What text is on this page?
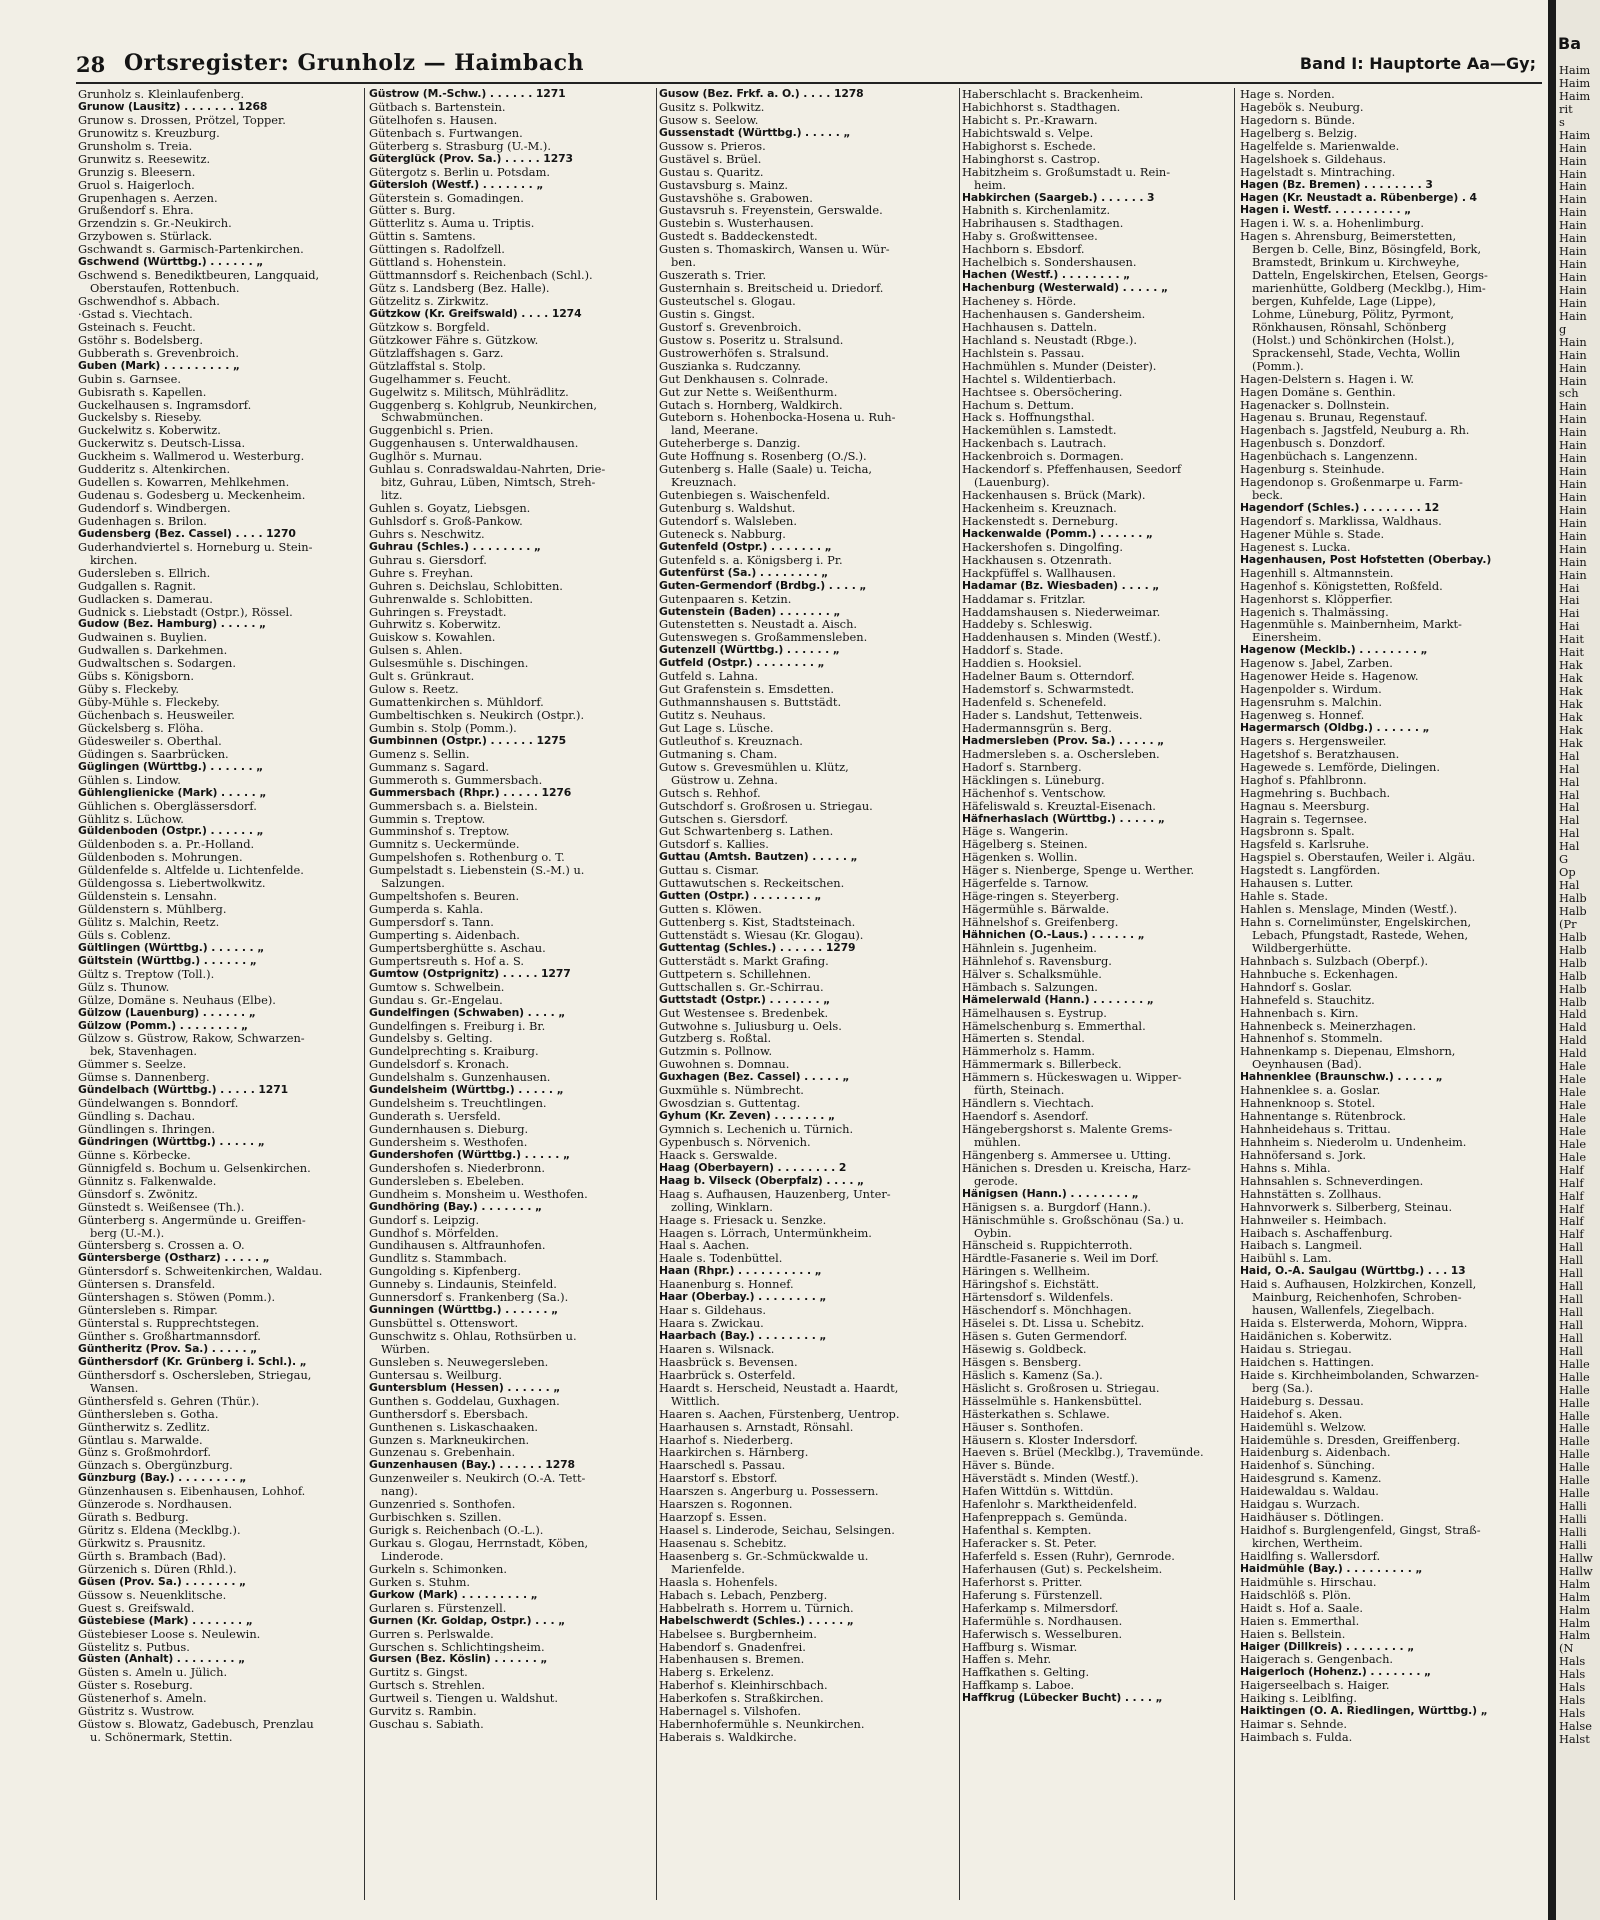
28 Ortsregister: Grunholz — Haimbach	Band I: Hauptorte Aa—Gy;
Grunholz s. Kleinlaufenberg.
Grunow (Lausitz) . . . . . . . 1268
Grunow s. Drossen, Prötzel, Topper.
Grunowitz s. Kreuzburg.
Grunsholm s. Treia.
Grunwitz s. Reesewitz.
Grunzig s. Bleesern.
Gruol s. Haigerloch.
Grupenhagen s. Aerzen.
Grußendorf s. Ehra.
Grzendzin s. Gr.-Neukirch.
Grzybowen s. Stürlack.
Gschwandt s. Garmisch-Partenkirchen.
Gschwend (Württbg.) . . . . . . „
Gschwend s. Benediktbeuren, Langquaid,
Oberstaufen, Rottenbuch.
Gschwendhof s. Abbach.
·Gstad s. Viechtach.
Gsteinach s. Feucht.
Gstöhr s. Bodelsberg.
Gubberath s. Grevenbroich.
Guben (Mark) . . . . . . . . . „
Gubin s. Garnsee.
Gubisrath s. Kapellen.
Guckelhausen s. Ingramsdorf.
Guckelsby s. Rieseby.
Guckelwitz s. Koberwitz.
Guckerwitz s. Deutsch-Lissa.
Guckheim s. Wallmerod u. Westerburg.
Gudderitz s. Altenkirchen.
Gudellen s. Kowarren, Mehlkehmen.
Gudenau s. Godesberg u. Meckenheim.
Gudendorf s. Windbergen.
Gudenhagen s. Brilon.
Gudensberg (Bez. Cassel) . . . . 1270
Guderhandviertel s. Horneburg u. Stein-
kirchen.
Gudersleben s. Ellrich.
Gudgallen s. Ragnit.
Gudlacken s. Damerau.
Gudnick s. Liebstadt (Ostpr.), Rössel.
Gudow (Bez. Hamburg) . . . . . „
Gudwainen s. Buylien.
Gudwallen s. Darkehmen.
Gudwaltschen s. Sodargen.
Gübs s. Königsborn.
Güby s. Fleckeby.
Güby-Mühle s. Fleckeby.
Güchenbach s. Heusweiler.
Gückelsberg s. Flöha.
Güdesweiler s. Oberthal.
Güdingen s. Saarbrücken.
Güglingen (Württbg.) . . . . . . „
Gühlen s. Lindow.
Gühlenglienicke (Mark) . . . . . „
Gühlichen s. Oberglässersdorf.
Gühlitz s. Lüchow.
Güldenboden (Ostpr.) . . . . . . „
Güldenboden s. a. Pr.-Holland.
Güldenboden s. Mohrungen.
Güldenfelde s. Altfelde u. Lichtenfelde.
Güldengossa s. Liebertwolkwitz.
Güldenstein s. Lensahn.
Güldenstern s. Mühlberg.
Gülitz s. Malchin, Reetz.
Güls s. Coblenz.
Gültlingen (Württbg.) . . . . . . „
Gültstein (Württbg.) . . . . . . „
Gültz s. Treptow (Toll.).
Gülz s. Thunow.
Gülze, Domäne s. Neuhaus (Elbe).
Gülzow (Lauenburg) . . . . . . „
Gülzow (Pomm.) . . . . . . . . „
Gülzow s. Güstrow, Rakow, Schwarzen-
bek, Stavenhagen.
Gümmer s. Seelze.
Gümse s. Dannenberg.
Gündelbach (Württbg.) . . . . . 1271
Gündelwangen s. Bonndorf.
Gündling s. Dachau.
Gündlingen s. Ihringen.
Gündringen (Württbg.) . . . . . „
Günne s. Körbecke.
Günnigfeld s. Bochum u. Gelsenkirchen.
Günnitz s. Falkenwalde.
Günsdorf s. Zwönitz.
Günstedt s. Weißensee (Th.).
Günterberg s. Angermünde u. Greiffen-
berg (U.-M.).
Güntersberg s. Crossen a. O.
Güntersberge (Ostharz) . . . . . „
Güntersdorf s. Schweitenkirchen, Waldau.
Güntersen s. Dransfeld.
Güntershagen s. Stöwen (Pomm.).
Güntersleben s. Rimpar.
Günterstal s. Rupprechtstegen.
Günther s. Großhartmannsdorf.
Güntheritz (Prov. Sa.) . . . . . „
Günthersdorf (Kr. Grünberg i. Schl.). „
Günthersdorf s. Oschersleben, Striegau,
Wansen.
Günthersfeld s. Gehren (Thür.).
Günthersleben s. Gotha.
Güntherwitz s. Zedlitz.
Güntlau s. Marwalde.
Günz s. Großmohrdorf.
Günzach s. Obergünzburg.
Günzburg (Bay.) . . . . . . . . „
Günzenhausen s. Eibenhausen, Lohhof.
Günzerode s. Nordhausen.
Gürath s. Bedburg.
Güritz s. Eldena (Mecklbg.).
Gürkwitz s. Prausnitz.
Gürth s. Brambach (Bad).
Gürzenich s. Düren (Rhld.).
Güsen (Prov. Sa.) . . . . . . . „
Güssow s. Neuenklitsche.
Guest s. Greifswald.
Güstebiese (Mark) . . . . . . . „
Güstebieser Loose s. Neulewin.
Güstelitz s. Putbus.
Güsten (Anhalt) . . . . . . . . „
Güsten s. Ameln u. Jülich.
Güster s. Roseburg.
Güstenerhof s. Ameln.
Güstritz s. Wustrow.
Güstow s. Blowatz, Gadebusch, Prenzlau
u. Schönermark, Stettin.
Güstrow (M.-Schw.) . . . . . . 1271
Gütbach s. Bartenstein.
Gütelhofen s. Hausen.
Gütenbach s. Furtwangen.
Güterberg s. Strasburg (U.-M.).
Güterglück (Prov. Sa.) . . . . . 1273
Gütergotz s. Berlin u. Potsdam.
Gütersloh (Westf.) . . . . . . . „
Güterstein s. Gomadingen.
Gütter s. Burg.
Gütterlitz s. Auma u. Triptis.
Güttin s. Samtens.
Güttingen s. Radolfzell.
Güttland s. Hohenstein.
Güttmannsdorf s. Reichenbach (Schl.).
Gütz s. Landsberg (Bez. Halle).
Gützelitz s. Zirkwitz.
Gützkow (Kr. Greifswald) . . . . 1274
Gützkow s. Borgfeld.
Gützkower Fähre s. Gützkow.
Gützlaffshagen s. Garz.
Gützlaffstal s. Stolp.
Gugelhammer s. Feucht.
Gugelwitz s. Militsch, Mühlrädlitz.
Guggenberg s. Kohlgrub, Neunkirchen,
Schwabmünchen.
Guggenbichl s. Prien.
Guggenhausen s. Unterwaldhausen.
Guglhör s. Murnau.
Guhlau s. Conradswaldau-Nahrten, Drie-
bitz, Guhrau, Lüben, Nimtsch, Streh-
litz.
Guhlen s. Goyatz, Liebsgen.
Guhlsdorf s. Groß-Pankow.
Guhrs s. Neschwitz.
Guhrau (Schles.) . . . . . . . . „
Guhrau s. Giersdorf.
Guhre s. Freyhan.
Guhren s. Deichslau, Schlobitten.
Guhrenwalde s. Schlobitten.
Guhringen s. Freystadt.
Guhrwitz s. Koberwitz.
Guiskow s. Kowahlen.
Gulsen s. Ahlen.
Gulsesmühle s. Dischingen.
Gult s. Grünkraut.
Gulow s. Reetz.
Gumattenkirchen s. Mühldorf.
Gumbeltischken s. Neukirch (Ostpr.).
Gumbin s. Stolp (Pomm.).
Gumbinnen (Ostpr.) . . . . . . 1275
Gumenz s. Sellin.
Gummanz s. Sagard.
Gummeroth s. Gummersbach.
Gummersbach (Rhpr.) . . . . . 1276
Gummersbach s. a. Bielstein.
Gummin s. Treptow.
Gumminshof s. Treptow.
Gumnitz s. Ueckermünde.
Gumpelshofen s. Rothenburg o. T.
Gumpelstadt s. Liebenstein (S.-M.) u.
Salzungen.
Gumpeltshofen s. Beuren.
Gumperda s. Kahla.
Gumpersdorf s. Tann.
Gumperting s. Aidenbach.
Gumpertsberghütte s. Aschau.
Gumpertsreuth s. Hof a. S.
Gumtow (Ostprignitz) . . . . . 1277
Gumtow s. Schwelbein.
Gundau s. Gr.-Engelau.
Gundelfingen (Schwaben) . . . . „
Gundelfingen s. Freiburg i. Br.
Gundelsby s. Gelting.
Gundelprechting s. Kraiburg.
Gundelsdorf s. Kronach.
Gundelshalm s. Gunzenhausen.
Gundelsheim (Württbg.) . . . . . „
Gundelsheim s. Treuchtlingen.
Gunderath s. Uersfeld.
Gundernhausen s. Dieburg.
Gundersheim s. Westhofen.
Gundershofen (Württbg.) . . . . . „
Gundershofen s. Niederbronn.
Gundersleben s. Ebeleben.
Gundheim s. Monsheim u. Westhofen.
Gundhöring (Bay.) . . . . . . . „
Gundorf s. Leipzig.
Gundhof s. Mörfelden.
Gundihausen s. Altfraunhofen.
Gundlitz s. Stammbach.
Gungolding s. Kipfenberg.
Gunneby s. Lindaunis, Steinfeld.
Gunnersdorf s. Frankenberg (Sa.).
Gunningen (Württbg.) . . . . . . „
Gunsbüttel s. Ottenswort.
Gunschwitz s. Ohlau, Rothsürben u.
Würben.
Gunsleben s. Neuwegersleben.
Guntersau s. Weilburg.
Guntersblum (Hessen) . . . . . . „
Gunthen s. Goddelau, Guxhagen.
Gunthersdorf s. Ebersbach.
Gunthenen s. Liskaschaaken.
Gunzen s. Markneukirchen.
Gunzenau s. Grebenhain.
Gunzenhausen (Bay.) . . . . . . 1278
Gunzenweiler s. Neukirch (O.-A. Tett-
nang).
Gunzenried s. Sonthofen.
Gurbischken s. Szillen.
Gurigk s. Reichenbach (O.-L.).
Gurkau s. Glogau, Herrnstadt, Köben,
Linderode.
Gurkeln s. Schimonken.
Gurken s. Stuhm.
Gurkow (Mark) . . . . . . . . . „
Gurlaren s. Fürstenzell.
Gurnen (Kr. Goldap, Ostpr.) . . . „
Gurren s. Perlswalde.
Gurschen s. Schlichtingsheim.
Gursen (Bez. Köslin) . . . . . . „
Gurtitz s. Gingst.
Gurtsch s. Strehlen.
Gurtweil s. Tiengen u. Waldshut.
Gurvitz s. Rambin.
Guschau s. Sabiath.
Gusow (Bez. Frkf. a. O.) . . . . 1278
Gusitz s. Polkwitz.
Gusow s. Seelow.
Gussenstadt (Württbg.) . . . . . „
Gussow s. Prieros.
Gustävel s. Brüel.
Gustau s. Quaritz.
Gustavsburg s. Mainz.
Gustavshöhe s. Grabowen.
Gustavsruh s. Freyenstein, Gerswalde.
Gustebin s. Wusterhausen.
Gustedt s. Baddeckenstedt.
Gusten s. Thomaskirch, Wansen u. Wür-
ben.
Guszerath s. Trier.
Gusternhain s. Breitscheid u. Driedorf.
Gusteutschel s. Glogau.
Gustin s. Gingst.
Gustorf s. Grevenbroich.
Gustow s. Poseritz u. Stralsund.
Gustrowerhöfen s. Stralsund.
Guszianka s. Rudczanny.
Gut Denkhausen s. Colnrade.
Gut zur Nette s. Weißenthurm.
Gutach s. Hornberg, Waldkirch.
Guteborn s. Hohenbocka-Hosena u. Ruh-
land, Meerane.
Guteherberge s. Danzig.
Gute Hoffnung s. Rosenberg (O./S.).
Gutenberg s. Halle (Saale) u. Teicha,
Kreuznach.
Gutenbiegen s. Waischenfeld.
Gutenburg s. Waldshut.
Gutendorf s. Walsleben.
Guteneck s. Nabburg.
Gutenfeld (Ostpr.) . . . . . . . „
Gutenfeld s. a. Königsberg i. Pr.
Gutenfürst (Sa.) . . . . . . . . „
Guten-Germendorf (Brdbg.) . . . . „
Gutenpaaren s. Ketzin.
Gutenstein (Baden) . . . . . . . „
Gutenstetten s. Neustadt a. Aisch.
Gutenswegen s. Großammensleben.
Gutenzell (Württbg.) . . . . . . „
Gutfeld (Ostpr.) . . . . . . . . „
Gutfeld s. Lahna.
Gut Grafenstein s. Emsdetten.
Guthmannshausen s. Buttstädt.
Gutitz s. Neuhaus.
Gut Lage s. Lüsche.
Gutleuthof s. Kreuznach.
Gutmaning s. Cham.
Gutow s. Grevesmühlen u. Klütz,
Güstrow u. Zehna.
Gutsch s. Rehhof.
Gutschdorf s. Großrosen u. Striegau.
Gutschen s. Giersdorf.
Gut Schwartenberg s. Lathen.
Gutsdorf s. Kallies.
Guttau (Amtsh. Bautzen) . . . . . „
Guttau s. Cismar.
Guttawutschen s. Reckeitschen.
Gutten (Ostpr.) . . . . . . . . „
Gutten s. Klöwen.
Guttenberg s. Kist, Stadtsteinach.
Guttenstädt s. Wiesau (Kr. Glogau).
Guttentag (Schles.) . . . . . . 1279
Gutterstädt s. Markt Grafing.
Guttpetern s. Schillehnen.
Guttschallen s. Gr.-Schirrau.
Guttstadt (Ostpr.) . . . . . . . „
Gut Westensee s. Bredenbek.
Gutwohne s. Juliusburg u. Oels.
Gutzberg s. Roßtal.
Gutzmin s. Pollnow.
Guwohnen s. Domnau.
Guxhagen (Bez. Cassel) . . . . . „
Guxmühle s. Nümbrecht.
Gwosdzian s. Guttentag.
Gyhum (Kr. Zeven) . . . . . . . „
Gymnich s. Lechenich u. Türnich.
Gypenbusch s. Nörvenich.
Haack s. Gerswalde.
Haag (Oberbayern) . . . . . . . . 2
Haag b. Vilseck (Oberpfalz) . . . . „
Haag s. Aufhausen, Hauzenberg, Unter-
zolling, Winklarn.
Haage s. Friesack u. Senzke.
Haagen s. Lörrach, Untermünkheim.
Haal s. Aachen.
Haale s. Todenbüttel.
Haan (Rhpr.) . . . . . . . . . . „
Haanenburg s. Honnef.
Haar (Oberbay.) . . . . . . . . „
Haar s. Gildehaus.
Haara s. Zwickau.
Haarbach (Bay.) . . . . . . . . „
Haaren s. Wilsnack.
Haasbrück s. Bevensen.
Haarbrück s. Osterfeld.
Haardt s. Herscheid, Neustadt a. Haardt,
Wittlich.
Haaren s. Aachen, Fürstenberg, Uentrop.
Haarhausen s. Arnstadt, Rönsahl.
Haarhof s. Niederberg.
Haarkirchen s. Härnberg.
Haarschedl s. Passau.
Haarstorf s. Ebstorf.
Haarszen s. Angerburg u. Possessern.
Haarszen s. Rogonnen.
Haarzopf s. Essen.
Haasel s. Linderode, Seichau, Selsingen.
Haasenau s. Schebitz.
Haasenberg s. Gr.-Schmückwalde u.
Marienfelde.
Haasla s. Hohenfels.
Habach s. Lebach, Penzberg.
Habbelrath s. Horrem u. Türnich.
Habelschwerdt (Schles.) . . . . . „
Habelsee s. Burgbernheim.
Habendorf s. Gnadenfrei.
Habenhausen s. Bremen.
Haberg s. Erkelenz.
Haberhof s. Kleinhirschbach.
Haberkofen s. Straßkirchen.
Habernagel s. Vilshofen.
Habernhofermühle s. Neunkirchen.
Haberais s. Waldkirche.
Haberschlacht s. Brackenheim.
Habichhorst s. Stadthagen.
Habicht s. Pr.-Krawarn.
Habichtswald s. Velpe.
Habighorst s. Eschede.
Habinghorst s. Castrop.
Habitzheim s. Großumstadt u. Rein-
heim.
Habkirchen (Saargeb.) . . . . . . 3
Habnith s. Kirchenlamitz.
Habrihausen s. Stadthagen.
Haby s. Großwittensee.
Hachborn s. Ebsdorf.
Hachelbich s. Sondershausen.
Hachen (Westf.) . . . . . . . . „
Hachenburg (Westerwald) . . . . . „
Hacheney s. Hörde.
Hachenhausen s. Gandersheim.
Hachhausen s. Datteln.
Hachland s. Neustadt (Rbge.).
Hachlstein s. Passau.
Hachmühlen s. Munder (Deister).
Hachtel s. Wildentierbach.
Hachtsee s. Obersöchering.
Hachum s. Dettum.
Hack s. Hoffnungsthal.
Hackemühlen s. Lamstedt.
Hackenbach s. Lautrach.
Hackenbroich s. Dormagen.
Hackendorf s. Pfeffenhausen, Seedorf
(Lauenburg).
Hackenhausen s. Brück (Mark).
Hackenheim s. Kreuznach.
Hackenstedt s. Derneburg.
Hackenwalde (Pomm.) . . . . . . „
Hackershofen s. Dingolfing.
Hackhausen s. Otzenrath.
Hackpfüffel s. Wallhausen.
Hadamar (Bz. Wiesbaden) . . . . „
Haddamar s. Fritzlar.
Haddamshausen s. Niederweimar.
Haddeby s. Schleswig.
Haddenhausen s. Minden (Westf.).
Haddorf s. Stade.
Haddien s. Hooksiel.
Hadelner Baum s. Otterndorf.
Hademstorf s. Schwarmstedt.
Hadenfeld s. Schenefeld.
Hader s. Landshut, Tettenweis.
Hadermannsgrün s. Berg.
Hadmersleben (Prov. Sa.) . . . . . „
Hadmersleben s. a. Oschersleben.
Hadorf s. Starnberg.
Häcklingen s. Lüneburg.
Hächenhof s. Ventschow.
Häfeliswald s. Kreuztal-Eisenach.
Häfnerhaslach (Württbg.) . . . . . „
Häge s. Wangerin.
Hägelberg s. Steinen.
Hägenken s. Wollin.
Häger s. Nienberge, Spenge u. Werther.
Hägerfelde s. Tarnow.
Häge-ringen s. Steyerberg.
Hägermühle s. Bärwalde.
Hähnelshof s. Greifenberg.
Hähnichen (O.-Laus.) . . . . . . „
Hähnlein s. Jugenheim.
Hähnlehof s. Ravensburg.
Hälver s. Schalksmühle.
Hämbach s. Salzungen.
Hämelerwald (Hann.) . . . . . . . „
Hämelhausen s. Eystrup.
Hämelschenburg s. Emmerthal.
Hämerten s. Stendal.
Hämmerholz s. Hamm.
Hämmermark s. Billerbeck.
Hämmern s. Hückeswagen u. Wipper-
fürth, Steinach.
Händlern s. Viechtach.
Haendorf s. Asendorf.
Hängebergshorst s. Malente Grems-
mühlen.
Hängenberg s. Ammersee u. Utting.
Hänichen s. Dresden u. Kreischa, Harz-
gerode.
Hänigsen (Hann.) . . . . . . . . „
Hänigsen s. a. Burgdorf (Hann.).
Hänischmühle s. Großschönau (Sa.) u.
Oybin.
Hänscheid s. Ruppichterroth.
Härdtle-Fasanerie s. Weil im Dorf.
Häringen s. Wellheim.
Häringshof s. Eichstätt.
Härtensdorf s. Wildenfels.
Häschendorf s. Mönchhagen.
Häselei s. Dt. Lissa u. Schebitz.
Häsen s. Guten Germendorf.
Häsewig s. Goldbeck.
Häsgen s. Bensberg.
Häslich s. Kamenz (Sa.).
Häslicht s. Großrosen u. Striegau.
Hässelmühle s. Hankensbüttel.
Hästerkathen s. Schlawe.
Häuser s. Sonthofen.
Häusern s. Kloster Indersdorf.
Haeven s. Brüel (Mecklbg.), Travemünde.
Häver s. Bünde.
Häverstädt s. Minden (Westf.).
Hafen Wittdün s. Wittdün.
Hafenlohr s. Marktheidenfeld.
Hafenpreppach s. Gemünda.
Hafenthal s. Kempten.
Haferacker s. St. Peter.
Haferfeld s. Essen (Ruhr), Gernrode.
Haferhausen (Gut) s. Peckelsheim.
Haferhorst s. Pritter.
Haferung s. Fürstenzell.
Haferkamp s. Milmersdorf.
Hafermühle s. Nordhausen.
Haferwisch s. Wesselburen.
Haffburg s. Wismar.
Haffen s. Mehr.
Haffkathen s. Gelting.
Haffkamp s. Laboe.
Haffkrug (Lübecker Bucht) . . . . „
Hage s. Norden.
Hagebök s. Neuburg.
Hagedorn s. Bünde.
Hagelberg s. Belzig.
Hagelfelde s. Marienwalde.
Hagelshoek s. Gildehaus.
Hagelstadt s. Mintraching.
Hagen (Bz. Bremen) . . . . . . . . 3
Hagen (Kr. Neustadt a. Rübenberge) . 4
Hagen i. Westf. . . . . . . . . . „
Hagen i. W. s. a. Hohenlimburg.
Hagen s. Ahrensburg, Beimerstetten,
Bergen b. Celle, Binz, Bösingfeld, Bork,
Bramstedt, Brinkum u. Kirchweyhe,
Datteln, Engelskirchen, Etelsen, Georgs-
marienhütte, Goldberg (Mecklbg.), Him-
bergen, Kuhfelde, Lage (Lippe),
Lohme, Lüneburg, Pölitz, Pyrmont,
Rönkhausen, Rönsahl, Schönberg
(Holst.) und Schönkirchen (Holst.),
Sprackensehl, Stade, Vechta, Wollin
(Pomm.).
Hagen-Delstern s. Hagen i. W.
Hagen Domäne s. Genthin.
Hagenacker s. Dollnstein.
Hagenau s. Brunau, Regenstauf.
Hagenbach s. Jagstfeld, Neuburg a. Rh.
Hagenbusch s. Donzdorf.
Hagenbüchach s. Langenzenn.
Hagenburg s. Steinhude.
Hagendonop s. Großenmarpe u. Farm-
beck.
Hagendorf (Schles.) . . . . . . . . 12
Hagendorf s. Marklissa, Waldhaus.
Hagener Mühle s. Stade.
Hagenest s. Lucka.
Hagenhausen, Post Hofstetten (Oberbay.)
Hagenhill s. Altmannstein.
Hagenhof s. Königstetten, Roßfeld.
Hagenhorst s. Klöpperfier.
Hagenich s. Thalmässing.
Hagenmühle s. Mainbernheim, Markt-
Einersheim.
Hagenow (Mecklb.) . . . . . . . . „
Hagenow s. Jabel, Zarben.
Hagenower Heide s. Hagenow.
Hagenpolder s. Wirdum.
Hagensruhm s. Malchin.
Hagenweg s. Honnef.
Hagermarsch (Oldbg.) . . . . . . „
Hagers s. Hergensweiler.
Hagetshof s. Beratzhausen.
Hagewede s. Lemförde, Dielingen.
Haghof s. Pfahlbronn.
Hagmehring s. Buchbach.
Hagnau s. Meersburg.
Hagrain s. Tegernsee.
Hagsbronn s. Spalt.
Hagsfeld s. Karlsruhe.
Hagspiel s. Oberstaufen, Weiler i. Algäu.
Hagstedt s. Langförden.
Hahausen s. Lutter.
Hahle s. Stade.
Hahlen s. Menslage, Minden (Westf.).
Hahn s. Cornelimünster, Engelskirchen,
Lebach, Pfungstadt, Rastede, Wehen,
Wildbergerhütte.
Hahnbach s. Sulzbach (Oberpf.).
Hahnbuche s. Eckenhagen.
Hahndorf s. Goslar.
Hahnefeld s. Stauchitz.
Hahnenbach s. Kirn.
Hahnenbeck s. Meinerzhagen.
Hahnenhof s. Stommeln.
Hahnenkamp s. Diepenau, Elmshorn,
Oeynhausen (Bad).
Hahnenklee (Braunschw.) . . . . . „
Hahnenklee s. a. Goslar.
Hahnenknoop s. Stotel.
Hahnentange s. Rütenbrock.
Hahnheidehaus s. Trittau.
Hahnheim s. Niederolm u. Undenheim.
Hahnöfersand s. Jork.
Hahns s. Mihla.
Hahnsahlen s. Schneverdingen.
Hahnstätten s. Zollhaus.
Hahnvorwerk s. Silberberg, Steinau.
Hahnweiler s. Heimbach.
Haibach s. Aschaffenburg.
Haibach s. Langmeil.
Haibühl s. Lam.
Haid, O.-A. Saulgau (Württbg.) . . . 13
Haid s. Aufhausen, Holzkirchen, Konzell,
Mainburg, Reichenhofen, Schroben-
hausen, Wallenfels, Ziegelbach.
Haida s. Elsterwerda, Mohorn, Wippra.
Haidänichen s. Koberwitz.
Haidau s. Striegau.
Haidchen s. Hattingen.
Haide s. Kirchheimbolanden, Schwarzen-
berg (Sa.).
Haideburg s. Dessau.
Haidehof s. Aken.
Haidemühl s. Welzow.
Haidemühle s. Dresden, Greiffenberg.
Haidenburg s. Aidenbach.
Haidenhof s. Sünching.
Haidesgrund s. Kamenz.
Haidewaldau s. Waldau.
Haidgau s. Wurzach.
Haidhäuser s. Dötlingen.
Haidhof s. Burglengenfeld, Gingst, Straß-
kirchen, Wertheim.
Haidlfing s. Wallersdorf.
Haidmühle (Bay.) . . . . . . . . . „
Haidmühle s. Hirschau.
Haidschlöß s. Plön.
Haidt s. Hof a. Saale.
Haien s. Emmerthal.
Haien s. Bellstein.
Haiger (Dillkreis) . . . . . . . . „
Haigerach s. Gengenbach.
Haigerloch (Hohenz.) . . . . . . . „
Haigerseelbach s. Haiger.
Haiking s. Leiblfing.
Haiktingen (O. A. Riedlingen, Württbg.) „
Haimar s. Sehnde.
Haimbach s. Fulda.
Ba
Haim
Haim
Haim
rit
s
Haim
Hain
Hain
Hain
Hain
Hain
Hain
Hain
Hain
Hain
Hain
Hain
Hain
Hain
Hain
g
Hain
Hain
Hain
Hain
sch
Hain
Hain
Hain
Hain
Hain
Hain
Hain
Hain
Hain
Hain
Hain
Hain
Hain
Hain
Hai
Hai
Hai
Hai
Hait
Hait
Hak
Hak
Hak
Hak
Hak
Hak
Hak
Hal
Hal
Hal
Hal
Hal
Hal
Hal
Hal
G
Op
Hal
Halb
Halb
(Pr
Halb
Halb
Halb
Halb
Halb
Halb
Hald
Hald
Hald
Hald
Hale
Hale
Hale
Hale
Hale
Hale
Hale
Hale
Half
Half
Half
Half
Half
Half
Hall
Hall
Hall
Hall
Hall
Hall
Hall
Hall
Hall
Halle
Halle
Halle
Halle
Halle
Halle
Halle
Halle
Halle
Halle
Halle
Halli
Halli
Halli
Halli
Hallw
Hallw
Halm
Halm
Halm
Halm
Halm
(N
Hals
Hals
Hals
Hals
Hals
Halse
Halst
